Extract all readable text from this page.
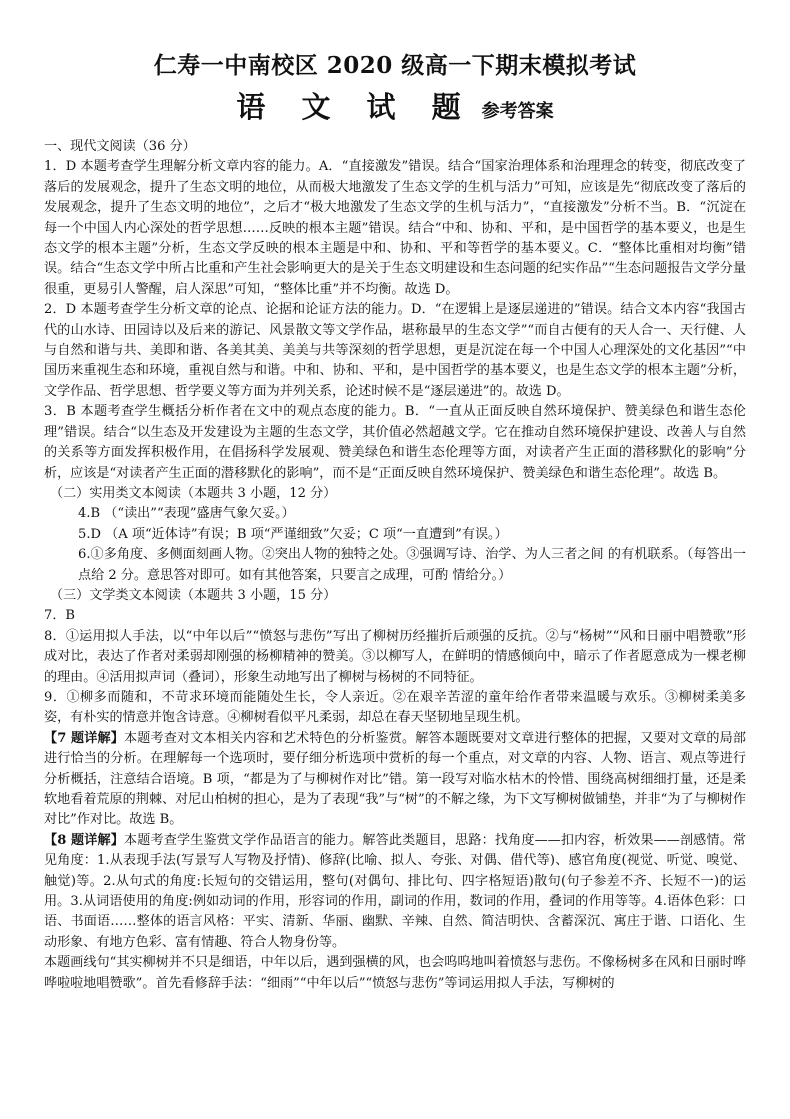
仁寿一中南校区 2020 级高一下期末模拟考试
语 文 试 题 参考答案

一、现代文阅读（36 分）

1．D 本题考查学生理解分析文章内容的能力。A．“直接激发”错误。结合“国家治理体系和治理理念的转变，彻底改变了落后的发展观念，提升了生态文明的地位，从而极大地激发了生态文学的生机与活力”可知，应该是先“彻底改变了落后的发展观念，提升了生态文明的地位”，之后才“极大地激发了生态文学的生机与活力”，“直接激发”分析不当。B．“沉淀在每一个中国人内心深处的哲学思想……反映的根本主题”错误。结合“中和、协和、平和，是中国哲学的基本要义，也是生态文学的根本主题”分析，生态文学反映的根本主题是中和、协和、平和等哲学的基本要义。C．“整体比重相对均衡”错误。结合“生态文学中所占比重和产生社会影响更大的是关于生态文明建设和生态问题的纪实作品”“生态问题报告文学分量很重，更易引人警醒，启人深思”可知，“整体比重”并不均衡。故选 D。

2．D 本题考查学生分析文章的论点、论据和论证方法的能力。D．“在逻辑上是逐层递进的”错误。结合文本内容“我国古代的山水诗、田园诗以及后来的游记、风景散文等文学作品，堪称最早的生态文学”“而自古便有的天人合一、天行健、人与自然和谐与共、美即和谐、各美其美、美美与共等深刻的哲学思想，更是沉淀在每一个中国人心理深处的文化基因”“中国历来重视生态和环境，重视自然与和谐。中和、协和、平和，是中国哲学的基本要义，也是生态文学的根本主题”分析，文学作品、哲学思想、哲学要义等方面为并列关系，论述时候不是“逐层递进”的。故选 D。

3．B 本题考查学生概括分析作者在文中的观点态度的能力。B．“一直从正面反映自然环境保护、赞美绿色和谐生态伦理”错误。结合“以生态及开发建设为主题的生态文学，其价值必然超越文学。它在推动自然环境保护建设、改善人与自然的关系等方面发挥积极作用，在倡扬科学发展观、赞美绿色和谐生态伦理等方面，对读者产生正面的潜移默化的影响”分析，应该是“对读者产生正面的潜移默化的影响”，而不是“正面反映自然环境保护、赞美绿色和谐生态伦理”。故选 B。

（二）实用类文本阅读（本题共 3 小题，12 分）

4.B （“读出”“表现”盛唐气象欠妥。）

5.D （A 项“近体诗”有误；B 项“严谨细致”欠妥；C 项“一直遭到”有误。）

6.①多角度、多侧面刻画人物。②突出人物的独特之处。③强调写诗、治学、为人三者之间 的有机联系。（每答出一点给 2 分。意思答对即可。如有其他答案，只要言之成理，可酌 情给分。）

（三）文学类文本阅读（本题共 3 小题，15 分）

7．B

8．①运用拟人手法，以“中年以后”“愤怒与悲伤”写出了柳树历经摧折后顽强的反抗。②与“杨树”“风和日丽中唱赞歌”形成对比，表达了作者对柔弱却刚强的杨柳精神的赞美。③以柳写人，在鲜明的情感倾向中，暗示了作者愿意成为一棵老柳的理由。④活用拟声词（叠词），形象生动地写出了柳树与杨树的不同特征。

9．①柳多而随和，不苛求环境而能随处生长，令人亲近。②在艰辛苦涩的童年给作者带来温暖与欢乐。③柳树柔美多姿，有朴实的情意并饱含诗意。④柳树看似平凡柔弱，却总在春天坚韧地呈现生机。

【7 题详解】本题考查对文本相关内容和艺术特色的分析鉴赏。解答本题既要对文章进行整体的把握，又要对文章的局部进行恰当的分析。在理解每一个选项时，要仔细分析选项中赏析的每一个重点，对文章的内容、人物、语言、观点等进行分析概括，注意结合语境。B 项，“都是为了与柳树作对比”错。第一段写对临水枯木的怜惜、围绕高树细细打量，还是柔软地看着荒原的荆棘、对尼山柏树的担心，是为了表现“我”与“树”的不解之缘，为下文写柳树做铺垫，并非“为了与柳树作对比”作对比。故选 B。

【8 题详解】本题考查学生鉴赏文学作品语言的能力。解答此类题目，思路：找角度——扣内容，析效果——剖感情。常见角度：1.从表现手法(写景写人写物及抒情)、修辞(比喻、拟人、夸张、对偶、借代等)、感官角度(视觉、听觉、嗅觉、触觉)等。2.从句式的角度:长短句的交错运用，整句(对偶句、排比句、四字格短语)散句(句子参差不齐、长短不一)的运用。3.从词语使用的角度:例如动词的作用，形容词的作用，副词的作用，数词的作用，叠词的作用等等。4.语体色彩：口语、书面语……整体的语言风格：平实、清新、华丽、幽默、辛辣、自然、简洁明快、含蓄深沉、寓庄于谐、口语化、生动形象、有地方色彩、富有情趣、符合人物身份等。

本题画线句“其实柳树并不只是细语，中年以后，遇到强横的风，也会呜呜地叫着愤怒与悲伤。不像杨树多在风和日丽时哗哗啦啦地唱赞歌”。首先看修辞手法：“细雨”“中年以后”“愤怒与悲伤”等词运用拟人手法，写柳树的
